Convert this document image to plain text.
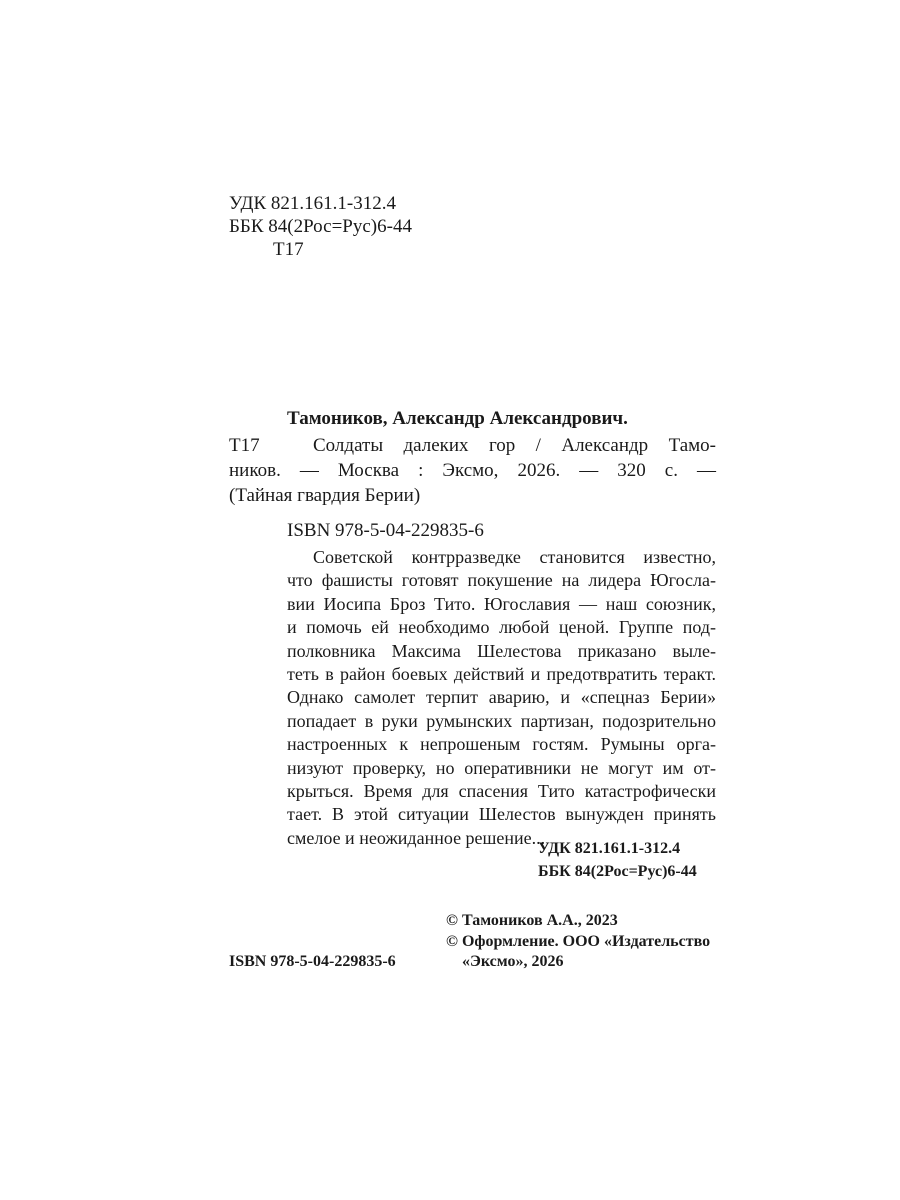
УДК 821.161.1-312.4
ББК 84(2Рос=Рус)6-44
Т17
Тамоников, Александр Александрович.
Т17	Солдаты далеких гор / Александр Тамо-
ников. — Москва : Эксмо, 2026. — 320 с. —
(Тайная гвардия Берии)
ISBN 978-5-04-229835-6
Советской контрразведке становится известно,
что фашисты готовят покушение на лидера Югосла-
вии Иосипа Броз Тито. Югославия — наш союзник,
и помочь ей необходимо любой ценой. Группе под-
полковника Максима Шелестова приказано выле-
теть в район боевых действий и предотвратить теракт.
Однако самолет терпит аварию, и «спецназ Берии»
попадает в руки румынских партизан, подозрительно
настроенных к непрошеным гостям. Румыны орга-
низуют проверку, но оперативники не могут им от-
крыться. Время для спасения Тито катастрофически
тает. В этой ситуации Шелестов вынужден принять
смелое и неожиданное решение...
УДК 821.161.1-312.4
ББК 84(2Рос=Рус)6-44
© Тамоников А.А., 2023
© Оформление. ООО «Издательство
«Эксмо», 2026
ISBN 978-5-04-229835-6
